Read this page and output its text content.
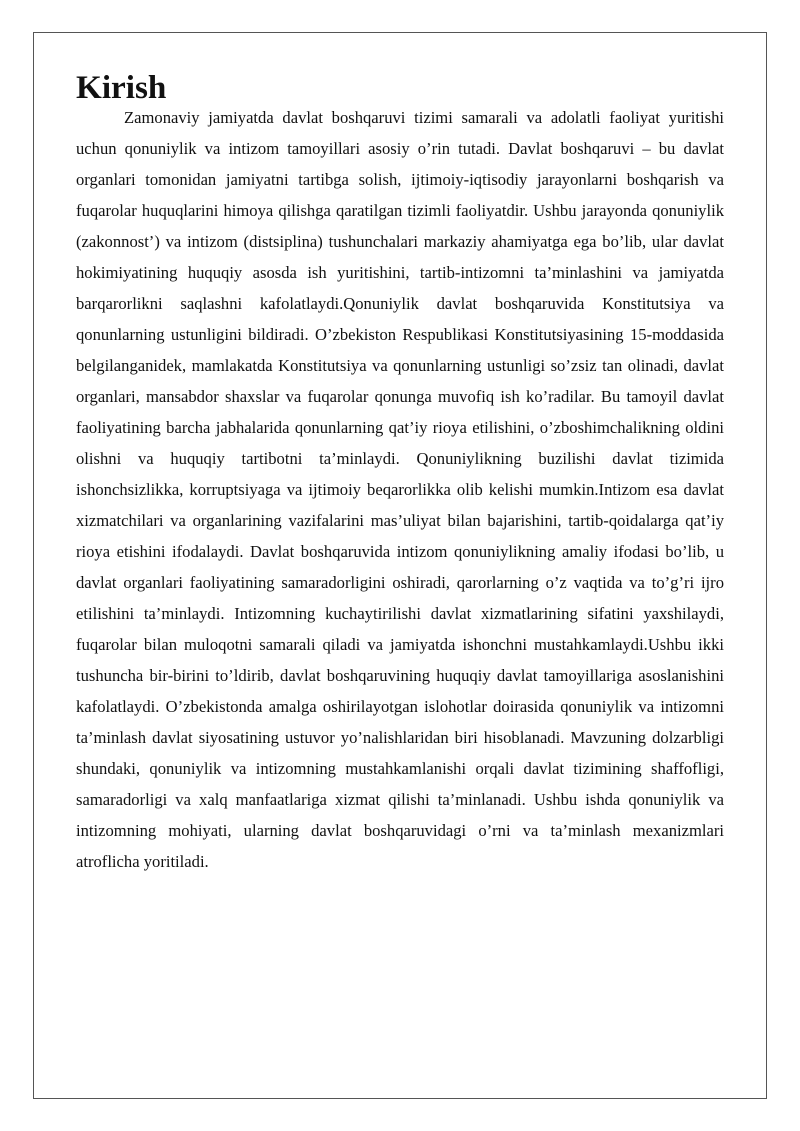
Kirish

Zamonaviy jamiyatda davlat boshqaruvi tizimi samarali va adolatli faoliyat yuritishi uchun qonuniylik va intizom tamoyillari asosiy o’rin tutadi. Davlat boshqaruvi – bu davlat organlari tomonidan jamiyatni tartibga solish, ijtimoiy-iqtisodiy jarayonlarni boshqarish va fuqarolar huquqlarini himoya qilishga qaratilgan tizimli faoliyatdir. Ushbu jarayonda qonuniylik (zakonnost’) va intizom (distsiplina) tushunchalari markaziy ahamiyatga ega bo’lib, ular davlat hokimiyatining huquqiy asosda ish yuritishini, tartib-intizomni ta’minlashini va jamiyatda barqarorlikni saqlashni kafolatlaydi.Qonuniylik davlat boshqaruvida Konstitutsiya va qonunlarning ustunligini bildiradi. O’zbekiston Respublikasi Konstitutsiyasining 15-moddasida belgilanganidek, mamlakatda Konstitutsiya va qonunlarning ustunligi so’zsiz tan olinadi, davlat organlari, mansabdor shaxslar va fuqarolar qonunga muvofiq ish ko’radilar. Bu tamoyil davlat faoliyatining barcha jabhalarida qonunlarning qat’iy rioya etilishini, o’zboshimchalikning oldini olishni va huquqiy tartibotni ta’minlaydi. Qonuniylikning buzilishi davlat tizimida ishonchsizlikka, korruptsiyaga va ijtimoiy beqarorlikka olib kelishi mumkin.Intizom esa davlat xizmatchilari va organlarining vazifalarini mas’uliyat bilan bajarishini, tartib-qoidalarga qat’iy rioya etishini ifodalaydi. Davlat boshqaruvida intizom qonuniylikning amaliy ifodasi bo’lib, u davlat organlari faoliyatining samaradorligini oshiradi, qarorlarning o’z vaqtida va to’g’ri ijro etilishini ta’minlaydi. Intizomning kuchaytirilishi davlat xizmatlarining sifatini yaxshilaydi, fuqarolar bilan muloqotni samarali qiladi va jamiyatda ishonchni mustahkamlaydi.Ushbu ikki tushuncha bir-birini to’ldirib, davlat boshqaruvining huquqiy davlat tamoyillariga asoslanishini kafolatlaydi. O’zbekistonda amalga oshirilayotgan islohotlar doirasida qonuniylik va intizomni ta’minlash davlat siyosatining ustuvor yo’nalishlaridan biri hisoblanadi. Mavzuning dolzarbligi shundaki, qonuniylik va intizomning mustahkamlanishi orqali davlat tizimining shaffofligi, samaradorligi va xalq manfaatlariga xizmat qilishi ta’minlanadi. Ushbu ishda qonuniylik va intizomning mohiyati, ularning davlat boshqaruvidagi o’rni va ta’minlash mexanizmlari atroflicha yoritiladi.
